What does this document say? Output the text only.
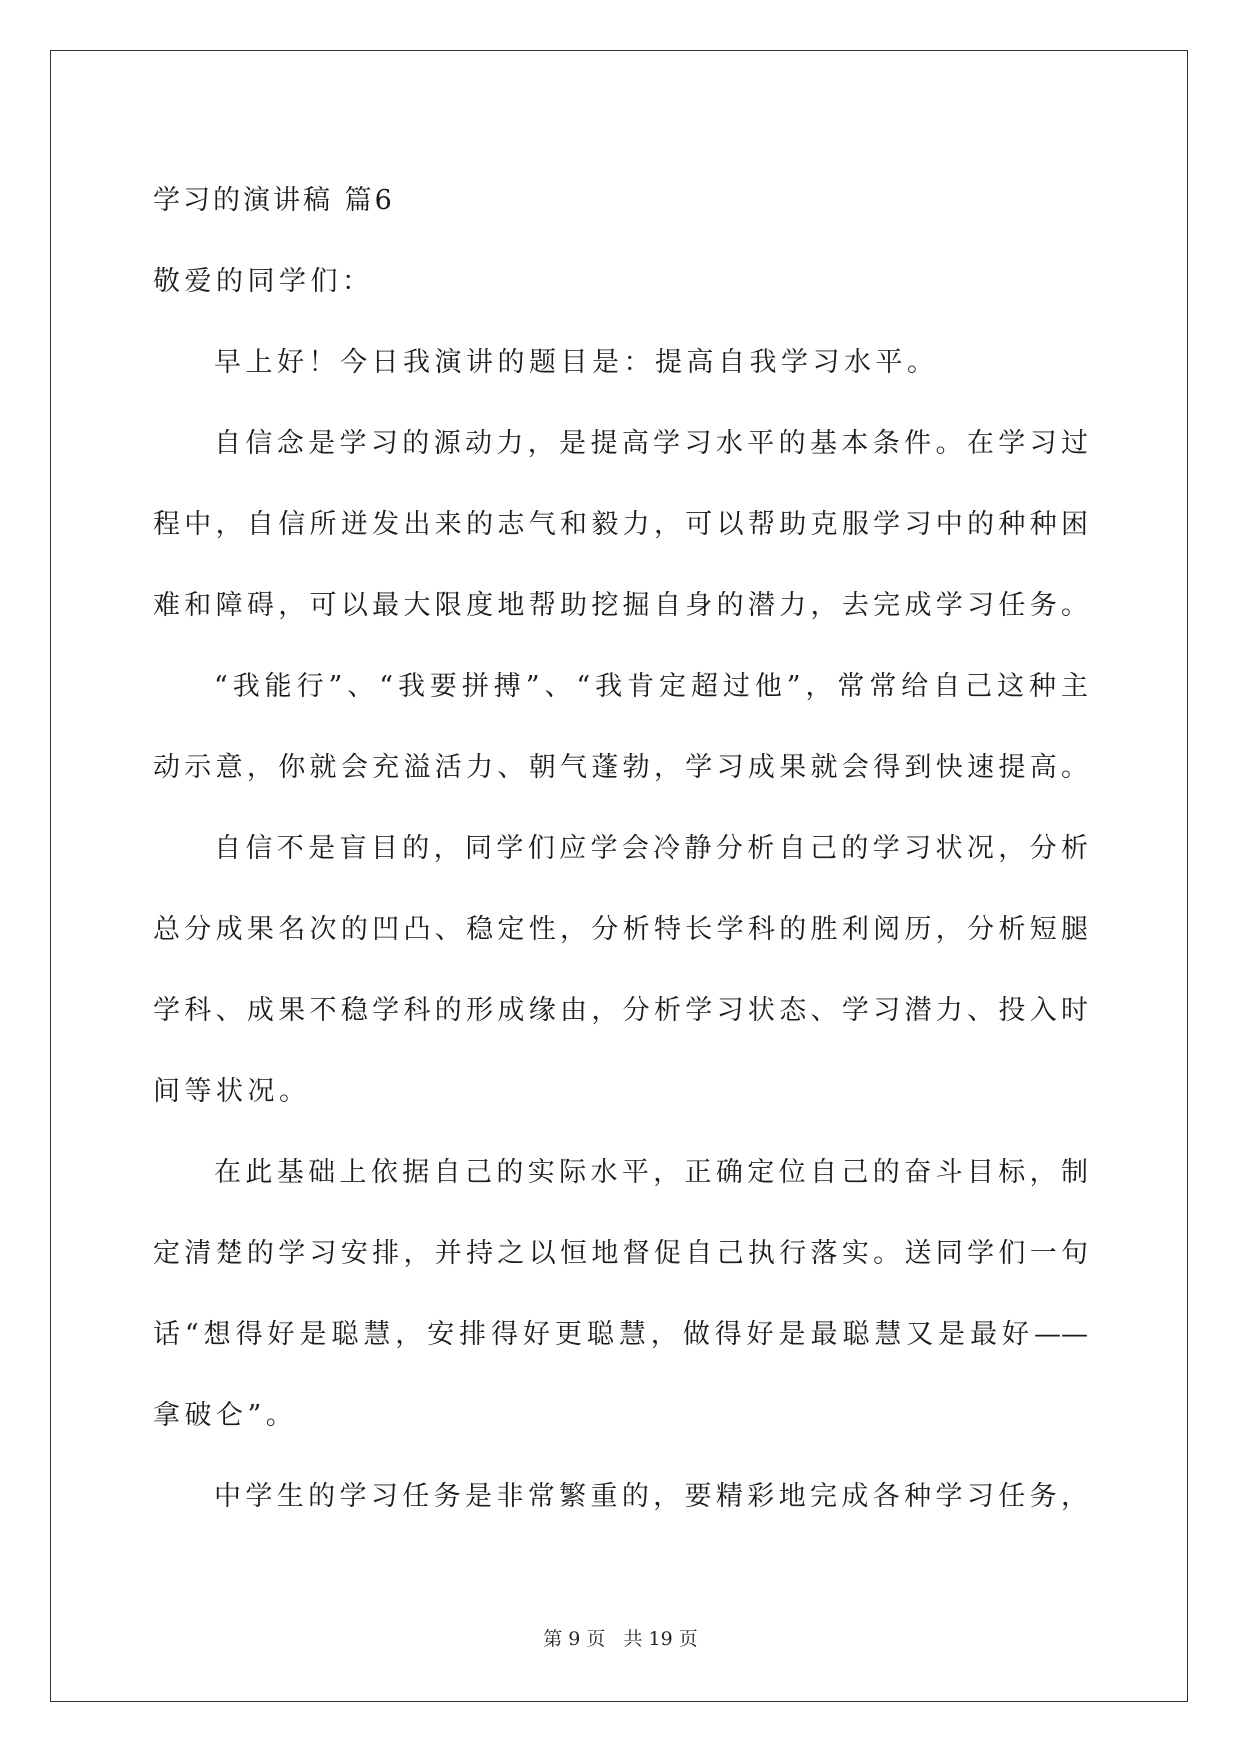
学习的演讲稿 篇6
敬爱的同学们：
早上好！今日我演讲的题目是：提高自我学习水平。
自信念是学习的源动力，是提高学习水平的基本条件。在学习过
程中，自信所迸发出来的志气和毅力，可以帮助克服学习中的种种困
难和障碍，可以最大限度地帮助挖掘自身的潜力，去完成学习任务。
“我能行”、“我要拼搏”、“我肯定超过他”，常常给自己这种主
动示意，你就会充溢活力、朝气蓬勃，学习成果就会得到快速提高。
自信不是盲目的，同学们应学会冷静分析自己的学习状况，分析
总分成果名次的凹凸、稳定性，分析特长学科的胜利阅历，分析短腿
学科、成果不稳学科的形成缘由，分析学习状态、学习潜力、投入时
间等状况。
在此基础上依据自己的实际水平，正确定位自己的奋斗目标，制
定清楚的学习安排，并持之以恒地督促自己执行落实。送同学们一句
话“想得好是聪慧，安排得好更聪慧，做得好是最聪慧又是最好——
拿破仑”。
中学生的学习任务是非常繁重的，要精彩地完成各种学习任务，
第 9 页   共 19 页
